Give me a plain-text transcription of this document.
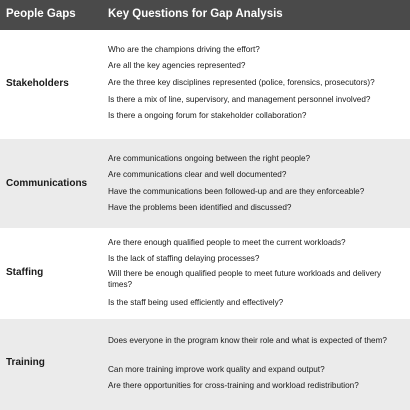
People Gaps	Key Questions for Gap Analysis
Stakeholders
Who are the champions driving the effort?
Are all the key agencies represented?
Are the three key disciplines represented (police, forensics, prosecutors)?
Is there a mix of line, supervisory, and management personnel involved?
Is there a ongoing forum for stakeholder collaboration?
Communications
Are communications ongoing between the right people?
Are communications clear and well documented?
Have the communications been followed-up and are they enforceable?
Have the problems been identified and discussed?
Staffing
Are there enough qualified people to meet the current workloads?
Is the lack of staffing delaying processes?
Will there be enough qualified people to meet future workloads and delivery times?
Is the staff being used efficiently and effectively?
Training
Does everyone in the program know their role and what is expected of them?
Can more training improve work quality and expand output?
Are there opportunities for cross-training and workload redistribution?
